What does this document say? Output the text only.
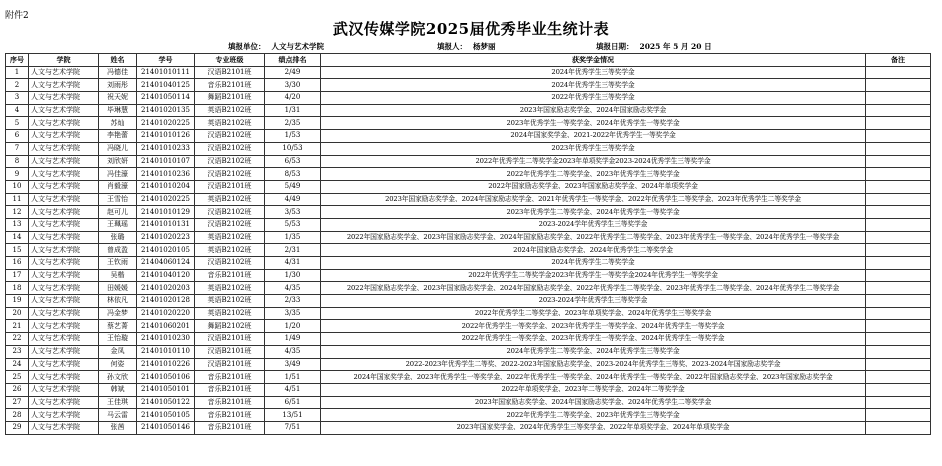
附件2
武汉传媒学院2025届优秀毕业生统计表
填报单位： 人文与艺术学院	填报人： 杨梦丽	填报日期： 2025 年 5 月 20 日
序号	学院	姓名	学号	专业班级	绩点排名	获奖学金情况	备注
1	人文与艺术学院	冯德佳	21401010111	汉语B2101班	2/49	2024年优秀学生三等奖学金	
2	人文与艺术学院	刘雨彤	21401040125	音乐B2101班	3/30	2024年优秀学生三等奖学金	
3	人文与艺术学院	祝天妮	21401050114	舞蹈B2101班	4/20	2022年优秀学生三等奖学金	
4	人文与艺术学院	毕琳慧	21401020135	英语B2102班	1/31	2023年国家励志奖学金、2024年国家励志奖学金	
5	人文与艺术学院	苏灿	21401020225	英语B2102班	2/35	2023年优秀学生一等奖学金、2024年优秀学生一等奖学金	
6	人文与艺术学院	李艳蕾	21401010126	汉语B2102班	1/53	2024年国家奖学金、2021-2022年优秀学生一等奖学金	
7	人文与艺术学院	冯晓儿	21401010233	汉语B2102班	10/53	2023年优秀学生三等奖学金	
8	人文与艺术学院	刘欣妍	21401010107	汉语B2102班	6/53	2022年优秀学生二等奖学金2023年单项奖学金2023-2024优秀学生三等奖学金	
9	人文与艺术学院	冯佳濠	21401010236	汉语B2102班	8/53	2022年优秀学生二等奖学金、2023年优秀学生三等奖学金	
10	人文与艺术学院	肖毅濠	21401010204	汉语B2101班	5/49	2022年国家励志奖学金、2023年国家励志奖学金、2024年单项奖学金	
11	人文与艺术学院	王雪怡	21401020225	英语B2102班	4/49	2023年国家励志奖学金、2024年国家励志奖学金、2021年优秀学生一等奖学金、2022年优秀学生二等奖学金、2023年优秀学生二等奖学金	
12	人文与艺术学院	赵可儿	21401010129	汉语B2102班	3/53	2023年优秀学生二等奖学金、2024年优秀学生一等奖学金	
13	人文与艺术学院	王珮瑶	21401010131	汉语B2102班	5/53	2023-2024学年优秀学生三等奖学金	
14	人文与艺术学院	张璐	21401020223	英语B2102班	1/35	2022年国家励志奖学金、2023年国家励志奖学金、2024年国家励志奖学金、2022年优秀学生二等奖学金、2023年优秀学生一等奖学金、2024年优秀学生一等奖学金	
15	人文与艺术学院	曾成盈	21401020105	英语B2102班	2/31	2024年国家励志奖学金、2024年优秀学生二等奖学金	
16	人文与艺术学院	王钦雨	21404060124	汉语B2102班	4/31	2024年优秀学生二等奖学金	
17	人文与艺术学院	吴楷	21401040120	音乐B2101班	1/30	2022年优秀学生二等奖学金2023年优秀学生一等奖学金2024年优秀学生一等奖学金	
18	人文与艺术学院	田媛媛	21401020203	英语B2102班	4/35	2022年国家励志奖学金、2023年国家励志奖学金、2024年国家励志奖学金、2022年优秀学生二等奖学金、2023年优秀学生二等奖学金、2024年优秀学生二等奖学金	
19	人文与艺术学院	林依凡	21401020128	英语B2102班	2/33	2023-2024学年优秀学生三等奖学金	
20	人文与艺术学院	冯金梦	21401020220	英语B2102班	3/35	2022年优秀学生二等奖学金、2023年单项奖学金、2024年优秀学生三等奖学金	
21	人文与艺术学院	蔡艺菁	21401060201	舞蹈B2102班	1/20	2022年优秀学生一等奖学金、2023年优秀学生一等奖学金、2024年优秀学生一等奖学金	
22	人文与艺术学院	王怡璇	21401010230	汉语B2101班	1/49	2022年优秀学生一等奖学金、2023年优秀学生一等奖学金、2024年优秀学生一等奖学金	
23	人文与艺术学院	金凤	21401010110	汉语B2101班	4/35	2024年优秀学生二等奖学金、2024年优秀学生三等奖学金	
24	人文与艺术学院	何姿	21401010226	汉语B2101班	3/49	2022-2023年优秀学生二等奖、2022-2023年国家励志奖学金、2023-2024年优秀学生三等奖、2023-2024年国家励志奖学金	
25	人文与艺术学院	孙文欣	21401050106	音乐B2101班	1/51	2024年国家奖学金、2023年优秀学生一等奖学金、2022年优秀学生一等奖学金、2024年优秀学生一等奖学金、2022年国家励志奖学金、2023年国家励志奖学金	
26	人文与艺术学院	韩斌	21401050101	音乐B2101班	4/51	2022年单项奖学金、2023年二等奖学金、2024年二等奖学金	
27	人文与艺术学院	王佳琪	21401050122	音乐B2101班	6/51	2023年国家励志奖学金、2024年国家励志奖学金、2024年优秀学生二等奖学金	
28	人文与艺术学院	马云雷	21401050105	音乐B2101班	13/51	2022年优秀学生二等奖学金、2023年优秀学生三等奖学金	
29	人文与艺术学院	张茜	21401050146	音乐B2101班	7/51	2023年国家奖学金、2024年优秀学生三等奖学金、2022年单项奖学金、2024年单项奖学金	
